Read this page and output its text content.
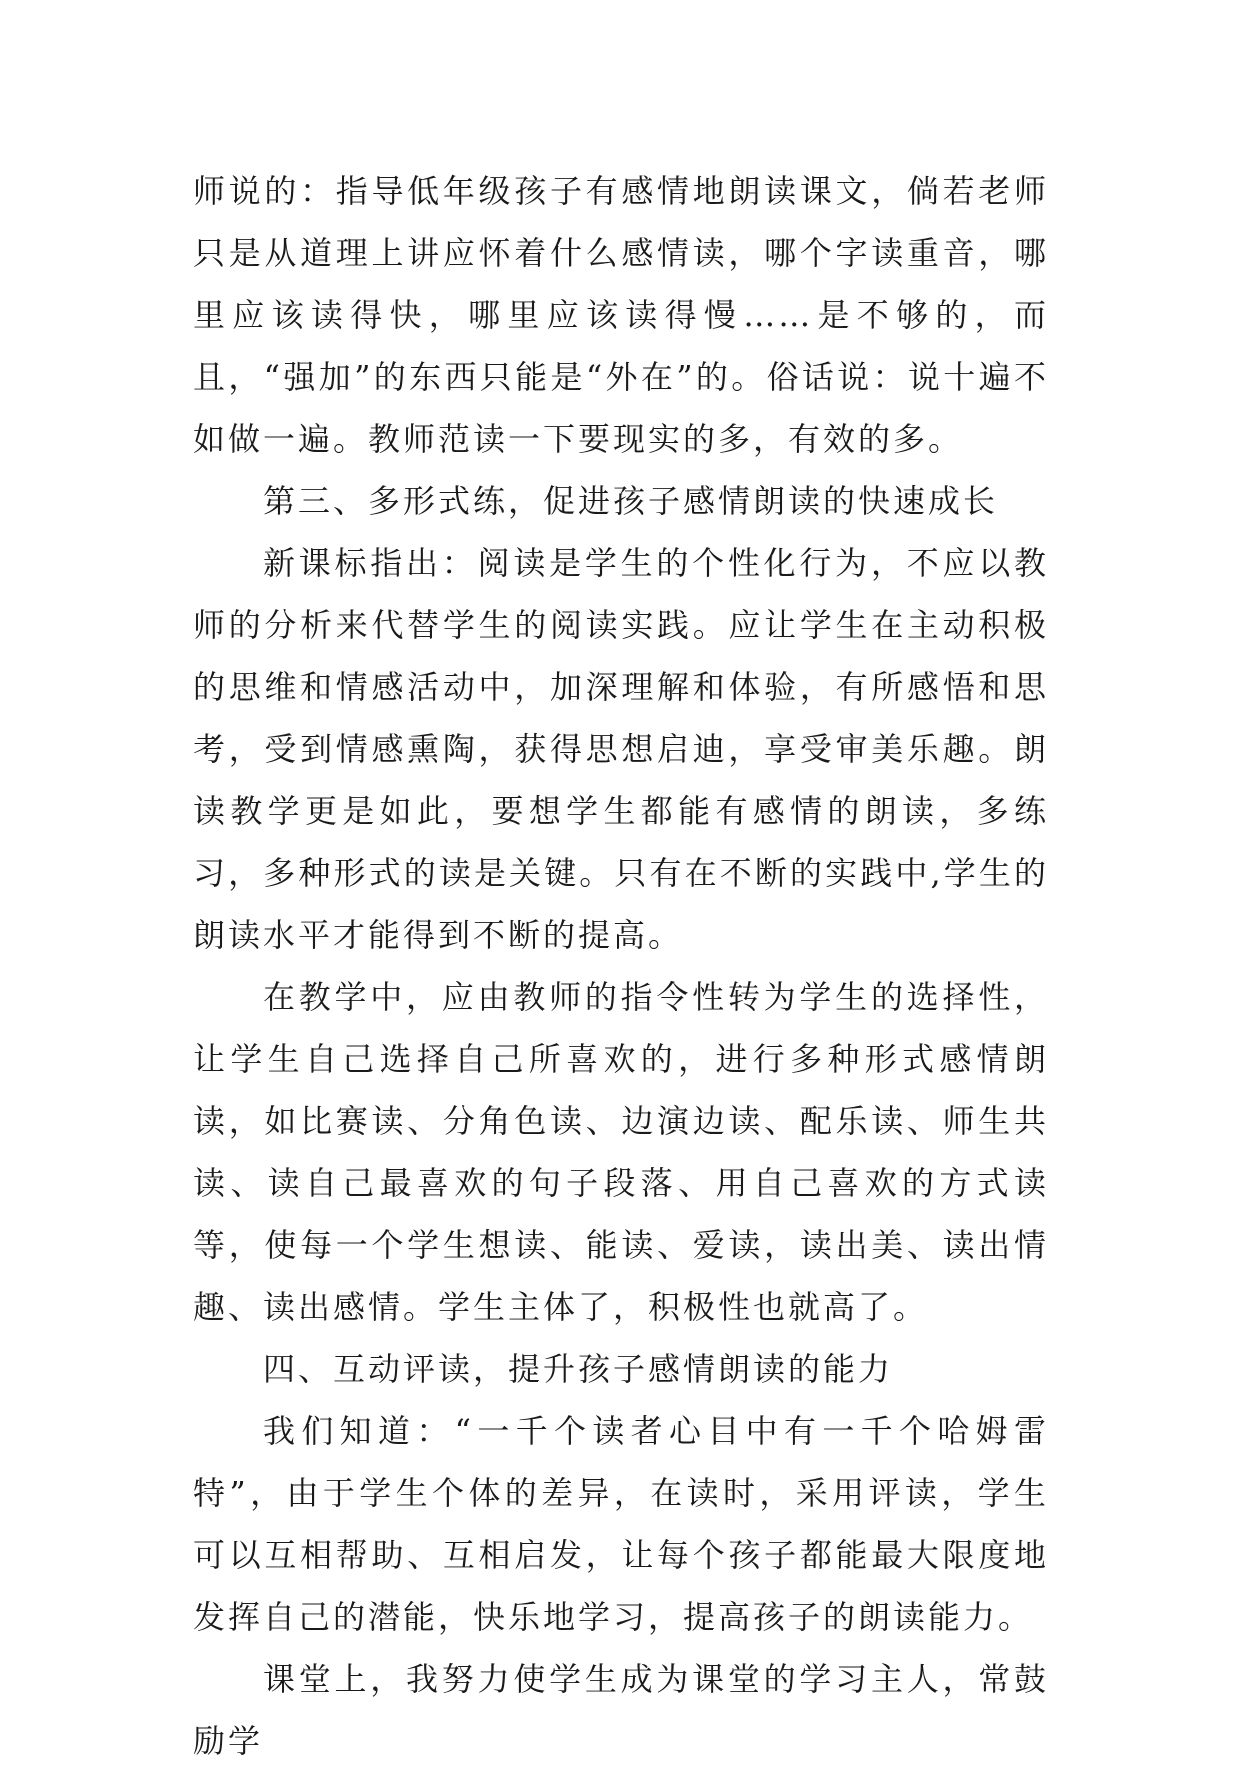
师说的：指导低年级孩子有感情地朗读课文，倘若老师只是从道理上讲应怀着什么感情读，哪个字读重音，哪里应该读得快，哪里应该读得慢……是不够的，而且，“强加”的东西只能是“外在”的。俗话说：说十遍不如做一遍。教师范读一下要现实的多，有效的多。

第三、多形式练，促进孩子感情朗读的快速成长

新课标指出：阅读是学生的个性化行为，不应以教师的分析来代替学生的阅读实践。应让学生在主动积极的思维和情感活动中，加深理解和体验，有所感悟和思考，受到情感熏陶，获得思想启迪，享受审美乐趣。朗读教学更是如此，要想学生都能有感情的朗读，多练习，多种形式的读是关键。只有在不断的实践中,学生的朗读水平才能得到不断的提高。

在教学中，应由教师的指令性转为学生的选择性，让学生自己选择自己所喜欢的，进行多种形式感情朗读，如比赛读、分角色读、边演边读、配乐读、师生共读、读自己最喜欢的句子段落、用自己喜欢的方式读等，使每一个学生想读、能读、爱读，读出美、读出情趣、读出感情。学生主体了，积极性也就高了。

四、互动评读，提升孩子感情朗读的能力

我们知道：“一千个读者心目中有一千个哈姆雷特”，由于学生个体的差异，在读时，采用评读，学生可以互相帮助、互相启发，让每个孩子都能最大限度地发挥自己的潜能，快乐地学习，提高孩子的朗读能力。

课堂上，我努力使学生成为课堂的学习主人，常鼓励学
